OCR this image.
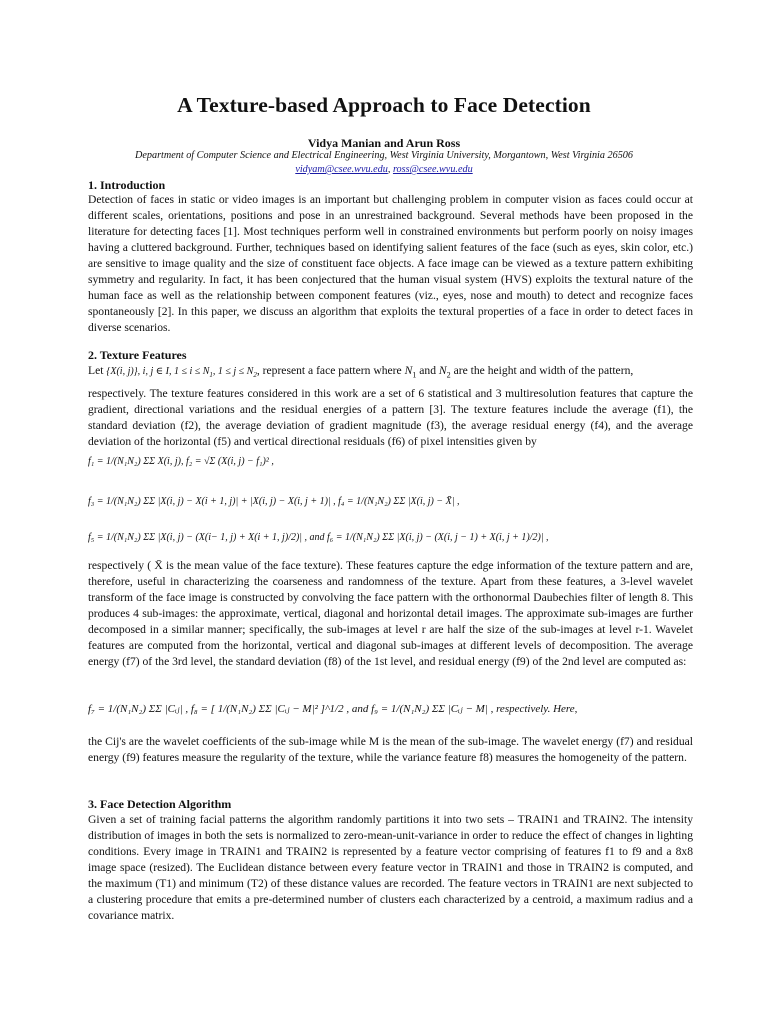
A Texture-based Approach to Face Detection
Vidya Manian and Arun Ross
Department of Computer Science and Electrical Engineering, West Virginia University, Morgantown, West Virginia 26506
vidyam@csee.wvu.edu, ross@csee.wvu.edu
1. Introduction
Detection of faces in static or video images is an important but challenging problem in computer vision as faces could occur at different scales, orientations, positions and pose in an unrestrained background. Several methods have been proposed in the literature for detecting faces [1]. Most techniques perform well in constrained environments but perform poorly on noisy images having a cluttered background. Further, techniques based on identifying salient features of the face (such as eyes, skin color, etc.) are sensitive to image quality and the size of constituent face objects. A face image can be viewed as a texture pattern exhibiting symmetry and regularity. In fact, it has been conjectured that the human visual system (HVS) exploits the textural nature of the human face as well as the relationship between component features (viz., eyes, nose and mouth) to detect and recognize faces spontaneously [2]. In this paper, we discuss an algorithm that exploits the textural properties of a face in order to detect faces in diverse scenarios.
2. Texture Features
Let {X(i, j)}, i, j ∈ I, $1 \le i \le N_1$, $1 \le j \le N_2$, represent a face pattern where $N_1$ and $N_2$ are the height and width of the pattern,
respectively. The texture features considered in this work are a set of 6 statistical and 3 multiresolution features that capture the gradient, directional variations and the residual energies of a pattern [3]. The texture features include the average (f1), the standard deviation (f2), the average deviation of gradient magnitude (f3), the average residual energy (f4), and the average deviation of the horizontal (f5) and vertical directional residuals (f6) of pixel intensities given by
f₁ = 1/(N₁N₂) ΣΣ X(i, j), f₂ = √Σ (X(i, j) − f₁)² ,
f₃ = 1/(N₁N₂) ΣΣ |X(i, j) − X(i + 1, j)| + |X(i, j) − X(i, j + 1)| , f₄ = 1/(N₁N₂) ΣΣ |X(i, j) − X̄| ,
f₅ = 1/(N₁N₂) ΣΣ |X(i, j) − (X(i− 1, j) + X(i + 1, j)/2)| , and f₆ = 1/(N₁N₂) ΣΣ |X(i, j) − (X(i, j − 1) + X(i, j + 1)/2)| ,
respectively ( X̄ is the mean value of the face texture). These features capture the edge information of the texture pattern and are, therefore, useful in characterizing the coarseness and randomness of the texture. Apart from these features, a 3-level wavelet transform of the face image is constructed by convolving the face pattern with the orthonormal Daubechies filter of length 8. This produces 4 sub-images: the approximate, vertical, diagonal and horizontal detail images. The approximate sub-images are further decomposed in a similar manner; specifically, the sub-images at level r are half the size of the sub-images at level r-1. Wavelet features are computed from the horizontal, vertical and diagonal sub-images at different levels of decomposition. The average energy (f7) of the 3rd level, the standard deviation (f8) of the 1st level, and residual energy (f9) of the 2nd level are computed as:
f₇ = 1/(N₁N₂) ΣΣ |Cᵢⱼ| , f₈ = [ 1/(N₁N₂) ΣΣ |Cᵢⱼ − M|² ]^1/2 , and f₉ = 1/(N₁N₂) ΣΣ |Cᵢⱼ − M| , respectively. Here,
the Cij's are the wavelet coefficients of the sub-image while M is the mean of the sub-image. The wavelet energy (f7) and residual energy (f9) features measure the regularity of the texture, while the variance feature f8) measures the homogeneity of the pattern.
3. Face Detection Algorithm
Given a set of training facial patterns the algorithm randomly partitions it into two sets – TRAIN1 and TRAIN2. The intensity distribution of images in both the sets is normalized to zero-mean-unit-variance in order to reduce the effect of changes in lighting conditions. Every image in TRAIN1 and TRAIN2 is represented by a feature vector comprising of features f1 to f9 and a 8x8 image space (resized). The Euclidean distance between every feature vector in TRAIN1 and those in TRAIN2 is computed, and the maximum (T1) and minimum (T2) of these distance values are recorded. The feature vectors in TRAIN1 are next subjected to a clustering procedure that emits a pre-determined number of clusters each characterized by a centroid, a maximum radius and a covariance matrix.
